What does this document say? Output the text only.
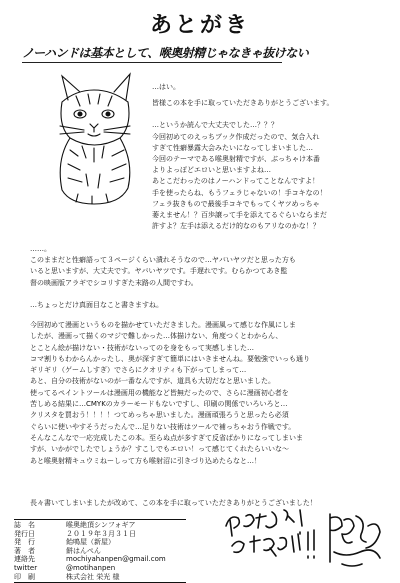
あとがき
ノーハンドは基本として、喉奥射精じゃなきゃ抜けない
…はい。

皆様この本を手に取っていただきありがとうございます。

…というか読んで大丈夫でした…？？？

今回初めてのえっちブック作成だったので、気合入れ

すぎて性癖暴露大会みたいになってしまいました…

今回のテーマである喉奥射精ですが、ぶっちゃけ本番

よりよっぽどエロいと思いますよね…

あとこだわったのはノーハンドってことなんですよ！

手を使ったらね、もうフェラじゃないの！手コキなの！

フェラ抜きもので最後手コキでもってくヤツめっちゃ

萎えません！？百歩譲って手を添えてるぐらいならまだ

許すよ？左手は添えるだけ的なのもアリなのかな！？

……。

このままだと性癖語って３ページくらい潰れそうなので…ヤバいヤツだと思った方も

いると思いますが、大丈夫です。ヤバいヤツです。手遅れです。むらかつてあき監

督の映画版アラギでシコリすぎた末路の人間ですわ。

…ちょっとだけ真面目なこと書きますね。

今回初めて漫画というものを描かせていただきました。漫画風って感じな作風にしま

したが、漫画って描くのマジで難しかった…体描けない、角度つくとわからん、

とことん絵が描けない・技術がないってのを身をもって実感しました…

コマ割りもわからんかったし、奥が深すぎて簡単にはいきませんね。要勉強でいっも通り

ギリギリ（ゲームしすぎ）でさらにクオリティも下がってしまって…

あと、自分の技術がないのが一番なんですが、道具も大切だなと思いました。

使ってるペイントツールは漫画用の機能など皆無だったので、さらに漫画初心者を

苦しめる結果に…CMYKのカラーモードもないですし、印刷の関係でいろいろと…

クリスタを買おう！！！！つてめっちゃ思いました。漫画頑張ろうと思ったら必須

ぐらいに使いやすそうだったんで…足りない技術はツールで補っちゃおう作戦です。

そんなこんなで一応完成したこの本。至らぬ点が多すぎて反省ばかりになってしまいま

すが、いかがでしたでしょうか？すこしでもエロい！って感じてくれたらいいな～

あと喉奥射精キュウミねーしって方も喉射沼に引きづり込めたらなと…！

長々書いてしまいましたが改めて、この本を手に取っていただきありがとうございました！
誌　名	喉奥絶頂シンフォギア
発行日	２０１９年３月３１日
発　行	飴鳴屋（新屋）
著　者	餅はんぺん
連絡先	mochiyahanpen@gmail.com
twitter	@motihanpen
印　刷	株式会社 栄光 様
